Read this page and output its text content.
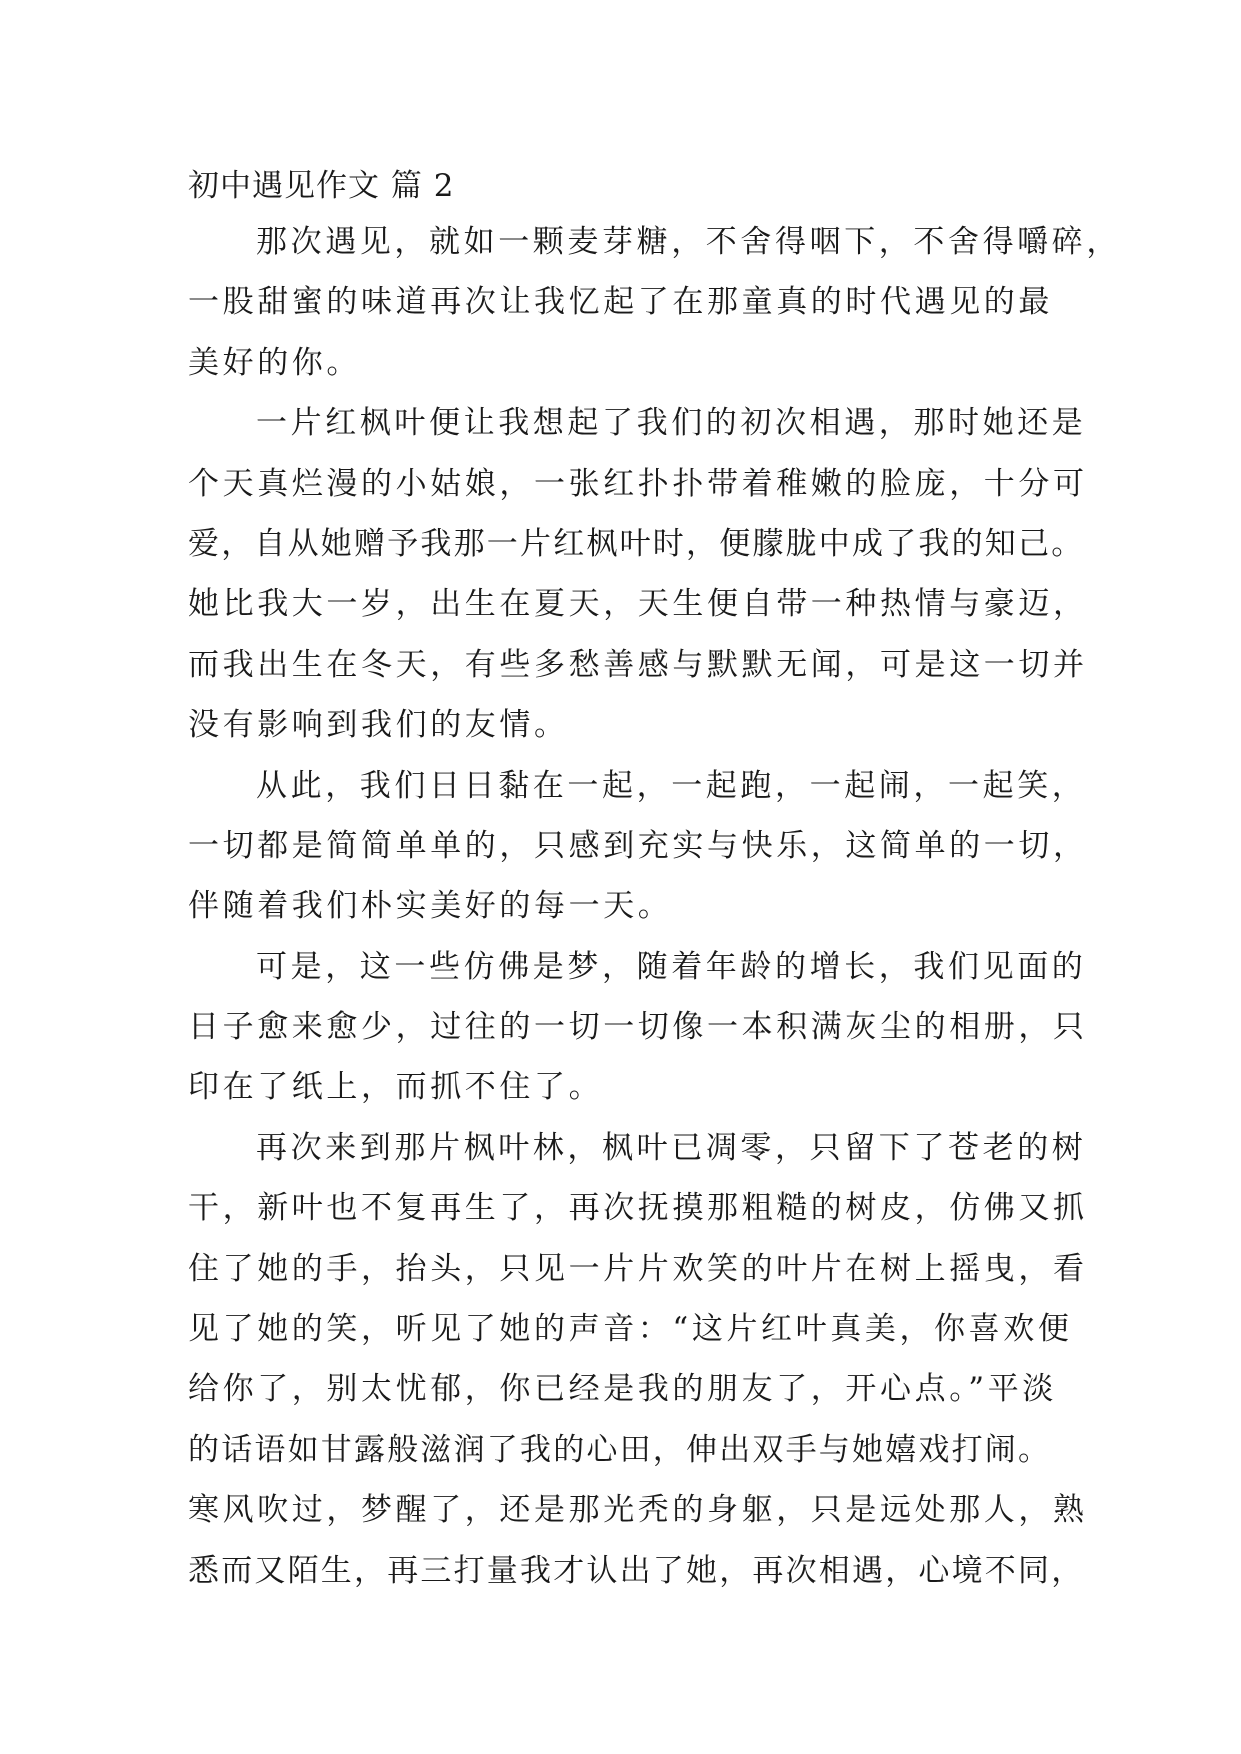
初中遇见作文 篇 2
那次遇见，就如一颗麦芽糖，不舍得咽下，不舍得嚼碎，
一股甜蜜的味道再次让我忆起了在那童真的时代遇见的最
美好的你。
一片红枫叶便让我想起了我们的初次相遇，那时她还是
个天真烂漫的小姑娘，一张红扑扑带着稚嫩的脸庞，十分可
爱，自从她赠予我那一片红枫叶时，便朦胧中成了我的知己。
她比我大一岁，出生在夏天，天生便自带一种热情与豪迈，
而我出生在冬天，有些多愁善感与默默无闻，可是这一切并
没有影响到我们的友情。
从此，我们日日黏在一起，一起跑，一起闹，一起笑，
一切都是简简单单的，只感到充实与快乐，这简单的一切，
伴随着我们朴实美好的每一天。
可是，这一些仿佛是梦，随着年龄的增长，我们见面的
日子愈来愈少，过往的一切一切像一本积满灰尘的相册，只
印在了纸上，而抓不住了。
再次来到那片枫叶林，枫叶已凋零，只留下了苍老的树
干，新叶也不复再生了，再次抚摸那粗糙的树皮，仿佛又抓
住了她的手，抬头，只见一片片欢笑的叶片在树上摇曳，看
见了她的笑，听见了她的声音：“这片红叶真美，你喜欢便
给你了，别太忧郁，你已经是我的朋友了，开心点。”平淡
的话语如甘露般滋润了我的心田，伸出双手与她嬉戏打闹。
寒风吹过，梦醒了，还是那光秃的身躯，只是远处那人，熟
悉而又陌生，再三打量我才认出了她，再次相遇，心境不同，
